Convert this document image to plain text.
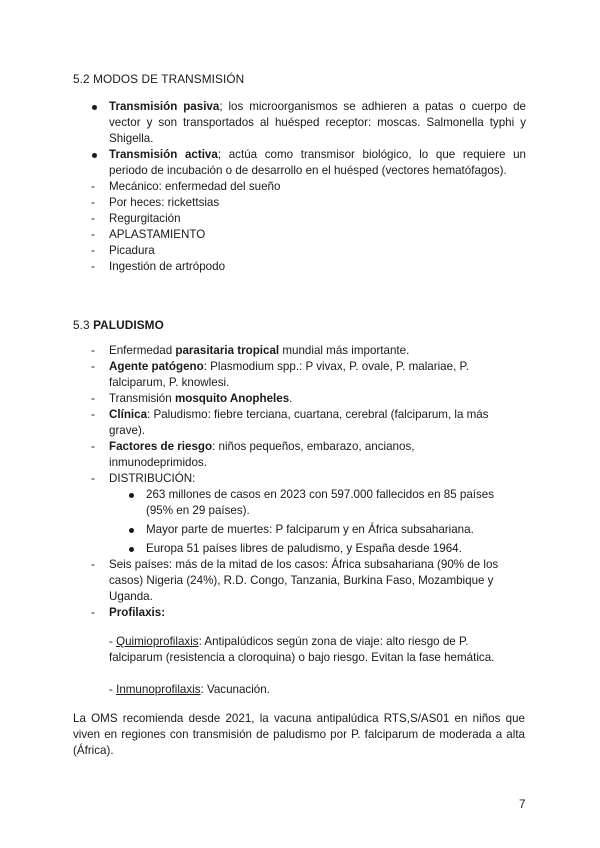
5.2 MODOS DE TRANSMISIÓN
Transmisión pasiva; los microorganismos se adhieren a patas o cuerpo de vector y son transportados al huésped receptor: moscas. Salmonella typhi y Shigella.
Transmisión activa; actúa como transmisor biológico, lo que requiere un periodo de incubación o de desarrollo en el huésped (vectores hematófagos).
- Mecánico: enfermedad del sueño
- Por heces: rickettsias
- Regurgitación
- APLASTAMIENTO
- Picadura
- Ingestión de artrópodo
5.3 PALUDISMO
- Enfermedad parasitaria tropical mundial más importante.
- Agente patógeno: Plasmodium spp.: P vivax, P. ovale, P. malariae, P. falciparum, P. knowlesi.
- Transmisión mosquito Anopheles.
- Clínica: Paludismo: fiebre terciana, cuartana, cerebral (falciparum, la más grave).
- Factores de riesgo: niños pequeños, embarazo, ancianos, inmunodeprimidos.
- DISTRIBUCIÓN:
263 millones de casos en 2023 con 597.000 fallecidos en 85 países (95% en 29 países).
Mayor parte de muertes: P falciparum y en África subsahariana.
Europa 51 países libres de paludismo, y España desde 1964.
- Seis países: más de la mitad de los casos: África subsahariana (90% de los casos) Nigeria (24%), R.D. Congo, Tanzania, Burkina Faso, Mozambique y Uganda.
- Profilaxis:
- Quimioprofilaxis: Antipalúdicos según zona de viaje: alto riesgo de P. falciparum (resistencia a cloroquina) o bajo riesgo. Evitan la fase hemática.
- Inmunoprofilaxis: Vacunación.
La OMS recomienda desde 2021, la vacuna antipalúdica RTS,S/AS01 en niños que viven en regiones con transmisión de paludismo por P. falciparum de moderada a alta (África).
7
